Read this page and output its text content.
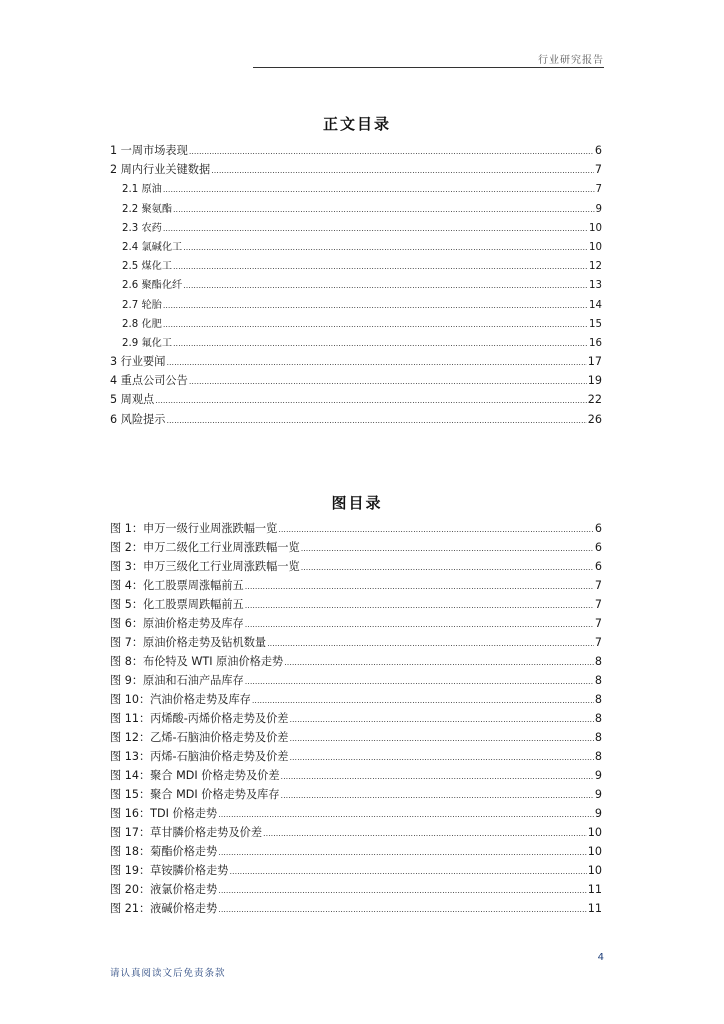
行业研究报告
正文目录
1 一周市场表现 .....	6
2 周内行业关键数据 .....	7
2.1 原油 .....	7
2.2 聚氨酯 .....	9
2.3 农药 .....	10
2.4 氯碱化工 .....	10
2.5 煤化工 .....	12
2.6 聚酯化纤 .....	13
2.7 轮胎 .....	14
2.8 化肥 .....	15
2.9 氟化工 .....	16
3 行业要闻 .....	17
4 重点公司公告 .....	19
5 周观点 .....	22
6 风险提示 .....	26
图目录
图 1：申万一级行业周涨跌幅一览 .....	6
图 2：申万二级化工行业周涨跌幅一览 .....	6
图 3：申万三级化工行业周涨跌幅一览 .....	6
图 4：化工股票周涨幅前五 .....	7
图 5：化工股票周跌幅前五 .....	7
图 6：原油价格走势及库存 .....	7
图 7：原油价格走势及钻机数量 .....	7
图 8：布伦特及 WTI 原油价格走势 .....	8
图 9：原油和石油产品库存 .....	8
图 10：汽油价格走势及库存 .....	8
图 11：丙烯酸-丙烯价格走势及价差 .....	8
图 12：乙烯-石脑油价格走势及价差 .....	8
图 13：丙烯-石脑油价格走势及价差 .....	8
图 14：聚合 MDI 价格走势及价差 .....	9
图 15：聚合 MDI 价格走势及库存 .....	9
图 16：TDI 价格走势 .....	9
图 17：草甘膦价格走势及价差 .....	10
图 18：菊酯价格走势 .....	10
图 19：草铵膦价格走势 .....	10
图 20：液氯价格走势 .....	11
图 21：液碱价格走势 .....	11
4
请认真阅读文后免责条款
